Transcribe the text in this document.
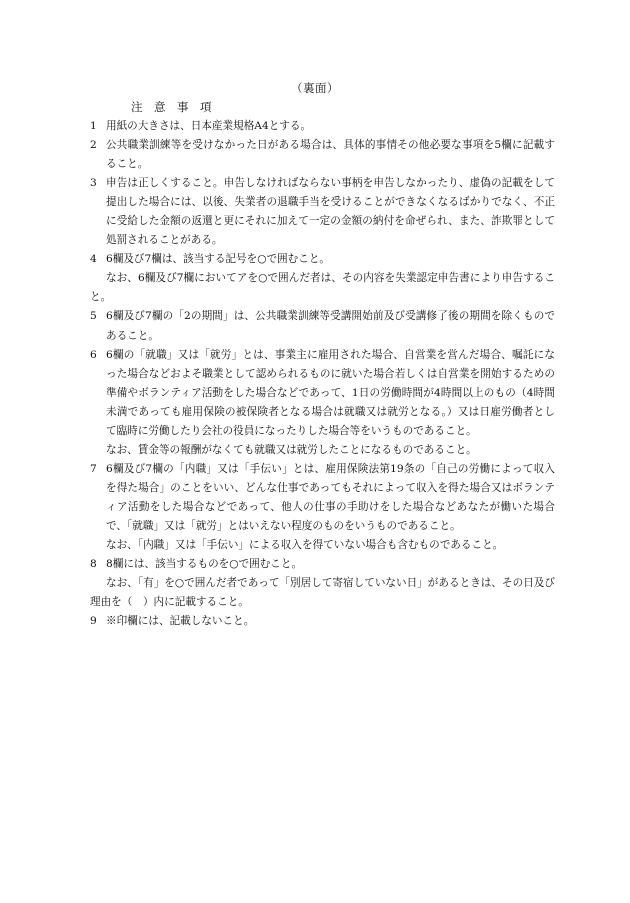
（裏面）
注　意　事　項
1 用紙の大きさは、日本産業規格A4とする。
2 公共職業訓練等を受けなかった日がある場合は、具体的事情その他必要な事項を5欄に記載すること。
3 申告は正しくすること。申告しなければならない事柄を申告しなかったり、虚偽の記載をして提出した場合には、以後、失業者の退職手当を受けることができなくなるばかりでなく、不正に受給した金額の返還と更にそれに加えて一定の金額の納付を命ぜられ、また、詐欺罪として処罰されることがある。
4 6欄及び7欄は、該当する記号を○で囲むこと。
なお、6欄及び7欄においてアを○で囲んだ者は、その内容を失業認定申告書により申告すること。
5 6欄及び7欄の「2の期間」は、公共職業訓練等受講開始前及び受講修了後の期間を除くものであること。
6 6欄の「就職」又は「就労」とは、事業主に雇用された場合、自営業を営んだ場合、嘱託になった場合などおよそ職業として認められるものに就いた場合若しくは自営業を開始するための準備やボランティア活動をした場合などであって、1日の労働時間が4時間以上のもの（4時間未満であっても雇用保険の被保険者となる場合は就職又は就労となる。）又は日雇労働者として臨時に労働したり会社の役員になったりした場合等をいうものであること。
なお、賃金等の報酬がなくても就職又は就労したことになるものであること。
7 6欄及び7欄の「内職」又は「手伝い」とは、雇用保険法第19条の「自己の労働によって収入を得た場合」のことをいい、どんな仕事であってもそれによって収入を得た場合又はボランティア活動をした場合などであって、他人の仕事の手助けをした場合などあなたが働いた場合で、「就職」又は「就労」とはいえない程度のものをいうものであること。
なお、「内職」又は「手伝い」による収入を得ていない場合も含むものであること。
8 8欄には、該当するものを○で囲むこと。
なお、「有」を○で囲んだ者であって「別居して寄宿していない日」があるときは、その日及び理由を（　）内に記載すること。
9 ※印欄には、記載しないこと。
